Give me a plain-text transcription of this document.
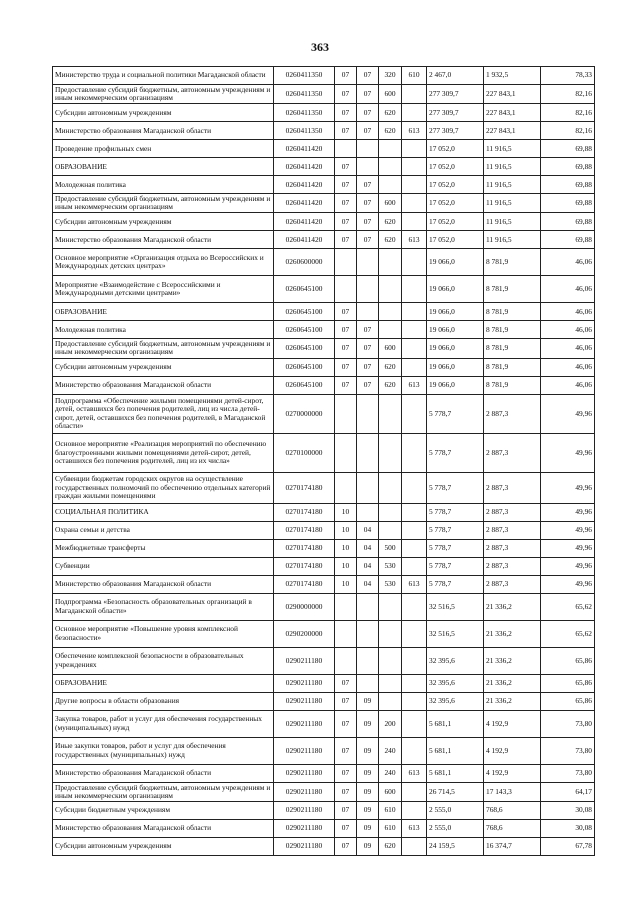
363
Министерство труда и социальной политики Магаданской области	0260411350	07	07	320	610	2 467,0	1 932,5	78,33
Предоставление субсидий бюджетным, автономным учреждениям и иным некоммерческим организациям	0260411350	07	07	600		277 309,7	227 843,1	82,16
Субсидии автономным учреждениям	0260411350	07	07	620		277 309,7	227 843,1	82,16
Министерство образования Магаданской области	0260411350	07	07	620	613	277 309,7	227 843,1	82,16
Проведение профильных смен	0260411420					17 052,0	11 916,5	69,88
ОБРАЗОВАНИЕ	0260411420	07				17 052,0	11 916,5	69,88
Молодежная политика	0260411420	07	07			17 052,0	11 916,5	69,88
Предоставление субсидий бюджетным, автономным учреждениям и иным некоммерческим организациям	0260411420	07	07	600		17 052,0	11 916,5	69,88
Субсидии автономным учреждениям	0260411420	07	07	620		17 052,0	11 916,5	69,88
Министерство образования Магаданской области	0260411420	07	07	620	613	17 052,0	11 916,5	69,88
Основное мероприятие «Организация отдыха во Всероссийских и Международных детских центрах»	0260600000					19 066,0	8 781,9	46,06
Мероприятие «Взаимодействие с Всероссийскими и Международными детскими центрами»	0260645100					19 066,0	8 781,9	46,06
ОБРАЗОВАНИЕ	0260645100	07				19 066,0	8 781,9	46,06
Молодежная политика	0260645100	07	07			19 066,0	8 781,9	46,06
Предоставление субсидий бюджетным, автономным учреждениям и иным некоммерческим организациям	0260645100	07	07	600		19 066,0	8 781,9	46,06
Субсидии автономным учреждениям	0260645100	07	07	620		19 066,0	8 781,9	46,06
Министерство образования Магаданской области	0260645100	07	07	620	613	19 066,0	8 781,9	46,06
Подпрограмма «Обеспечение жилыми помещениями детей-сирот, детей, оставшихся без попечения родителей, лиц из числа детей-сирот, детей, оставшихся без попечения родителей, в Магаданской области»	0270000000					5 778,7	2 887,3	49,96
Основное мероприятие «Реализация мероприятий по обеспечению благоустроенными жилыми помещениями детей-сирот, детей, оставшихся без попечения родителей, лиц из их числа»	0270100000					5 778,7	2 887,3	49,96
Субвенции бюджетам городских округов на осуществление государственных полномочий по обеспечению отдельных категорий граждан жилыми помещениями	0270174180					5 778,7	2 887,3	49,96
СОЦИАЛЬНАЯ ПОЛИТИКА	0270174180	10				5 778,7	2 887,3	49,96
Охрана семьи и детства	0270174180	10	04			5 778,7	2 887,3	49,96
Межбюджетные трансферты	0270174180	10	04	500		5 778,7	2 887,3	49,96
Субвенции	0270174180	10	04	530		5 778,7	2 887,3	49,96
Министерство образования Магаданской области	0270174180	10	04	530	613	5 778,7	2 887,3	49,96
Подпрограмма «Безопасность образовательных организаций в Магаданской области»	0290000000					32 516,5	21 336,2	65,62
Основное мероприятие «Повышение уровня комплексной безопасности»	0290200000					32 516,5	21 336,2	65,62
Обеспечение комплексной безопасности в образовательных учреждениях	0290211180					32 395,6	21 336,2	65,86
ОБРАЗОВАНИЕ	0290211180	07				32 395,6	21 336,2	65,86
Другие вопросы в области образования	0290211180	07	09			32 395,6	21 336,2	65,86
Закупка товаров, работ и услуг для обеспечения государственных (муниципальных) нужд	0290211180	07	09	200		5 681,1	4 192,9	73,80
Иные закупки товаров, работ и услуг для обеспечения государственных (муниципальных) нужд	0290211180	07	09	240		5 681,1	4 192,9	73,80
Министерство образования Магаданской области	0290211180	07	09	240	613	5 681,1	4 192,9	73,80
Предоставление субсидий бюджетным, автономным учреждениям и иным некоммерческим организациям	0290211180	07	09	600		26 714,5	17 143,3	64,17
Субсидии бюджетным учреждениям	0290211180	07	09	610		2 555,0	768,6	30,08
Министерство образования Магаданской области	0290211180	07	09	610	613	2 555,0	768,6	30,08
Субсидии автономным учреждениям	0290211180	07	09	620		24 159,5	16 374,7	67,78
